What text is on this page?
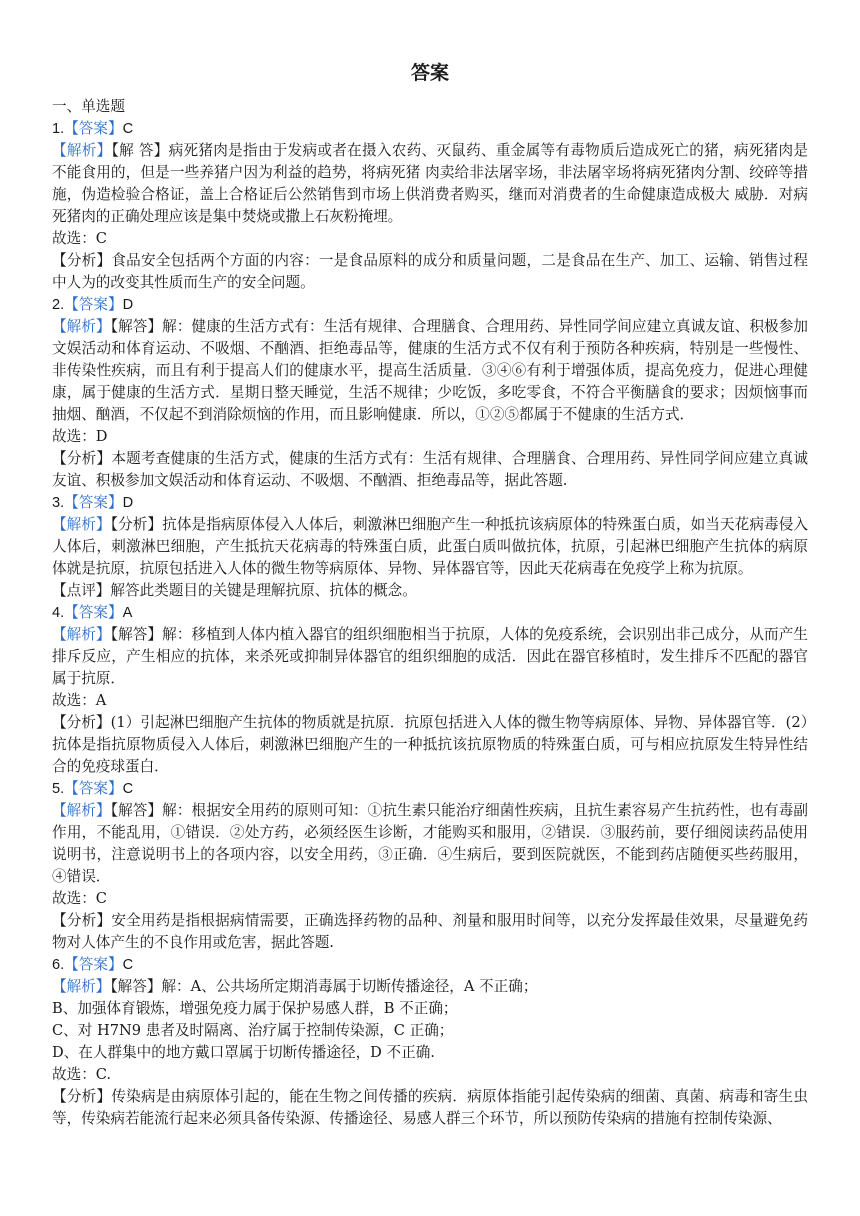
答案
一、单选题

1.【答案】C

【解析】【解 答】病死猪肉是指由于发病或者在摄入农药、灭鼠药、重金属等有毒物质后造成死亡的猪，病死猪肉是不能食用的，但是一些养猪户因为利益的趋势，将病死猪 肉卖给非法屠宰场，非法屠宰场将病死猪肉分割、绞碎等措施，伪造检验合格证，盖上合格证后公然销售到市场上供消费者购买，继而对消费者的生命健康造成极大 威胁．对病死猪肉的正确处理应该是集中焚烧或撒上石灰粉掩埋。

故选：C

【分析】食品安全包括两个方面的内容：一是食品原料的成分和质量问题，二是食品在生产、加工、运输、销售过程中人为的改变其性质而生产的安全问题。

2.【答案】D

【解析】【解答】解：健康的生活方式有：生活有规律、合理膳食、合理用药、异性同学间应建立真诚友谊、积极参加文娱活动和体育运动、不吸烟、不酗酒、拒绝毒品等，健康的生活方式不仅有利于预防各种疾病，特别是一些慢性、非传染性疾病，而且有利于提高人们的健康水平，提高生活质量．③④⑥有利于增强体质，提高免疫力，促进心理健康，属于健康的生活方式．星期日整天睡觉，生活不规律；少吃饭，多吃零食，不符合平衡膳食的要求；因烦恼事而抽烟、酗酒，不仅起不到消除烦恼的作用，而且影响健康．所以，①②⑤都属于不健康的生活方式．

故选：D

【分析】本题考查健康的生活方式，健康的生活方式有：生活有规律、合理膳食、合理用药、异性同学间应建立真诚友谊、积极参加文娱活动和体育运动、不吸烟、不酗酒、拒绝毒品等，据此答题.

3.【答案】D

【解析】【分析】抗体是指病原体侵入人体后，刺激淋巴细胞产生一种抵抗该病原体的特殊蛋白质，如当天花病毒侵入人体后，刺激淋巴细胞，产生抵抗天花病毒的特殊蛋白质，此蛋白质叫做抗体，抗原，引起淋巴细胞产生抗体的病原体就是抗原，抗原包括进入人体的微生物等病原体、异物、异体器官等，因此天花病毒在免疫学上称为抗原。

【点评】解答此类题目的关键是理解抗原、抗体的概念。

4.【答案】A

【解析】【解答】解：移植到人体内植入器官的组织细胞相当于抗原，人体的免疫系统，会识别出非己成分，从而产生排斥反应，产生相应的抗体，来杀死或抑制异体器官的组织细胞的成活．因此在器官移植时，发生排斥不匹配的器官属于抗原．

故选：A

【分析】(1）引起淋巴细胞产生抗体的物质就是抗原．抗原包括进入人体的微生物等病原体、异物、异体器官等．(2）抗体是指抗原物质侵入人体后，刺激淋巴细胞产生的一种抵抗该抗原物质的特殊蛋白质，可与相应抗原发生特异性结合的免疫球蛋白．

5.【答案】C

【解析】【解答】解：根据安全用药的原则可知：①抗生素只能治疗细菌性疾病，且抗生素容易产生抗药性，也有毒副作用，不能乱用，①错误．②处方药，必须经医生诊断，才能购买和服用，②错误．③服药前，要仔细阅读药品使用说明书，注意说明书上的各项内容，以安全用药，③正确．④生病后，要到医院就医，不能到药店随便买些药服用，④错误．

故选：C

【分析】安全用药是指根据病情需要，正确选择药物的品种、剂量和服用时间等，以充分发挥最佳效果，尽量避免药物对人体产生的不良作用或危害，据此答题.

6.【答案】C

【解析】【解答】解：A、公共场所定期消毒属于切断传播途径，A 不正确；

B、加强体育锻炼，增强免疫力属于保护易感人群，B 不正确；

C、对 H7N9 患者及时隔离、治疗属于控制传染源，C 正确；

D、在人群集中的地方戴口罩属于切断传播途径，D 不正确.

故选：C.

【分析】传染病是由病原体引起的，能在生物之间传播的疾病．病原体指能引起传染病的细菌、真菌、病毒和寄生虫等，传染病若能流行起来必须具备传染源、传播途径、易感人群三个环节，所以预防传染病的措施有控制传染源、
